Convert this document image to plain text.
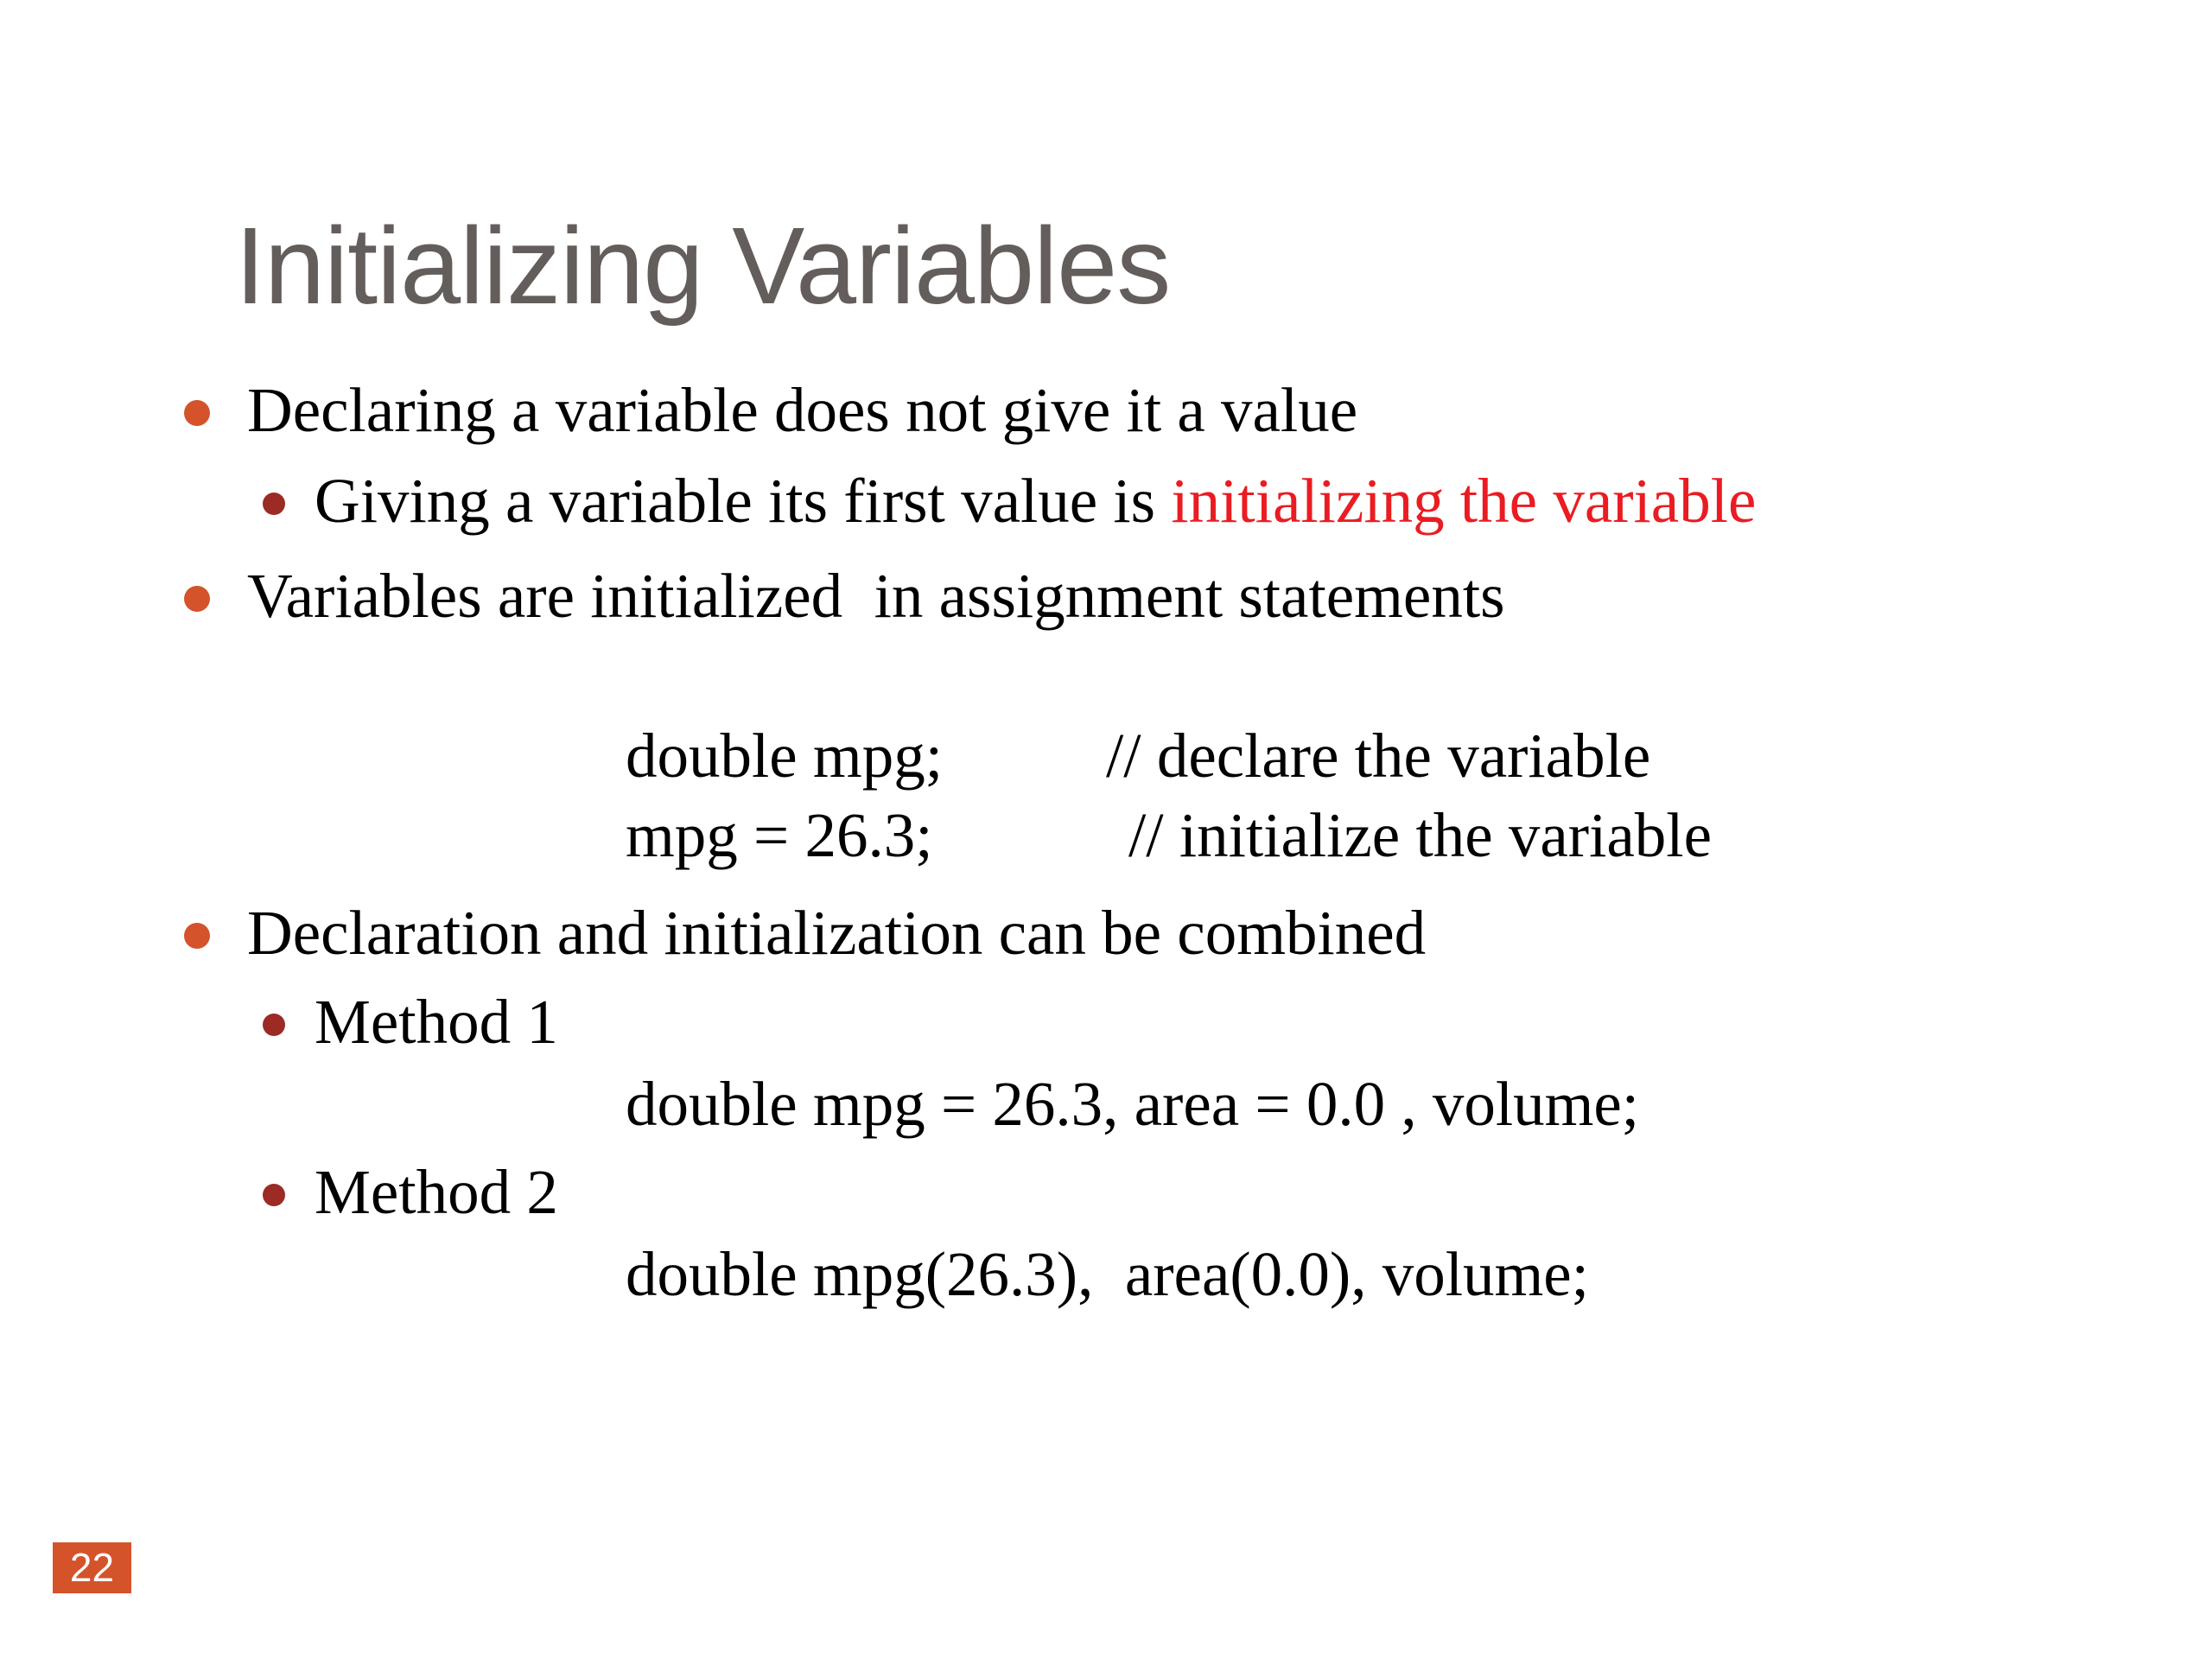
Initializing Variables
Declaring a variable does not give it a value
Giving a variable its first value is initializing the variable
Variables are initialized  in assignment statements
double mpg;	// declare the variable
mpg = 26.3;	// initialize the variable
Declaration and initialization can be combined
Method 1
double mpg = 26.3, area = 0.0 , volume;
Method 2
double mpg(26.3),  area(0.0), volume;
22
